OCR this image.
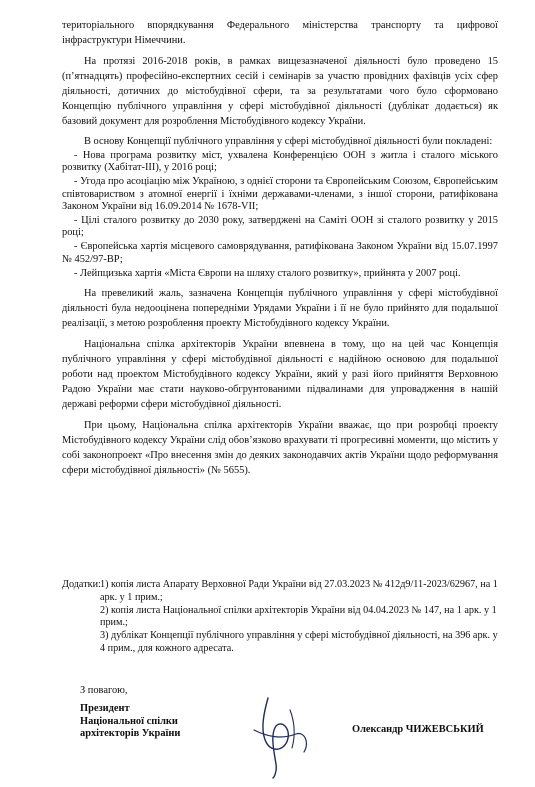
територіального впорядкування Федерального міністерства транспорту та цифрової інфраструктури Німеччини.

На протязі 2016-2018 років, в рамках вищезазначеної діяльності було проведено 15 (п’ятнадцять) професійно-експертних сесій і семінарів за участю провідних фахівців усіх сфер діяльності, дотичних до містобудівної сфери, та за результатами чого було сформовано Концепцію публічного управління у сфері містобудівної діяльності (дублікат додається) як базовий документ для розроблення Містобудівного кодексу України.

В основу Концепції публічного управління у сфері містобудівної діяльності були покладені:

- Нова програма розвитку міст, ухвалена Конференцією ООН з житла і сталого міського розвитку (Хабітат-ІІІ), у 2016 році;
- Угода про асоціацію між Україною, з однієї сторони та Європейським Союзом, Європейським співтовариством з атомної енергії і їхніми державами-членами, з іншої сторони, ратифікована Законом України від 16.09.2014 № 1678-VII;
- Цілі сталого розвитку до 2030 року, затверджені на Саміті ООН зі сталого розвитку у 2015 році;
- Європейська хартія місцевого самоврядування, ратифікована Законом України від 15.07.1997 № 452/97-ВР;
- Лейпцизька хартія «Міста Європи на шляху сталого розвитку», прийнята у 2007 році.

На превеликий жаль, зазначена Концепція публічного управління у сфері містобудівної діяльності була недооцінена попередніми Урядами України і її не було прийнято для подальшої реалізації, з метою розроблення проекту Містобудівного кодексу України.

Національна спілка архітекторів України впевнена в тому, що на цей час Концепція публічного управління у сфері містобудівної діяльності є надійною основою для подальшої роботи над проектом Містобудівного кодексу України, який у разі його прийняття Верховною Радою України має стати науково-обгрунтованими підвалинами для упровадження в нашій державі реформи сфери містобудівної діяльності.

При цьому, Національна спілка архітекторів України вважає, що при розробці проекту Містобудівного кодексу України слід обов’язково врахувати ті прогресивні моменти, що містить у собі законопроект «Про внесення змін до деяких законодавчих актів України щодо реформування сфери містобудівної діяльності» (№ 5655).

Додатки: 1) копія листа Апарату Верховної Ради України від 27.03.2023 № 412д9/11-2023/62967, на 1 арк. у 1 прим.;
2) копія листа Національної спілки архітекторів України від 04.04.2023 № 147, на 1 арк. у 1 прим.;
3) дублікат Концепції публічного управління у сфері містобудівної діяльності, на 396 арк. у 4 прим., для кожного адресата.
З повагою,
Президент
Національної спілки
архітекторів України	Олександр ЧИЖЕВСЬКИЙ
